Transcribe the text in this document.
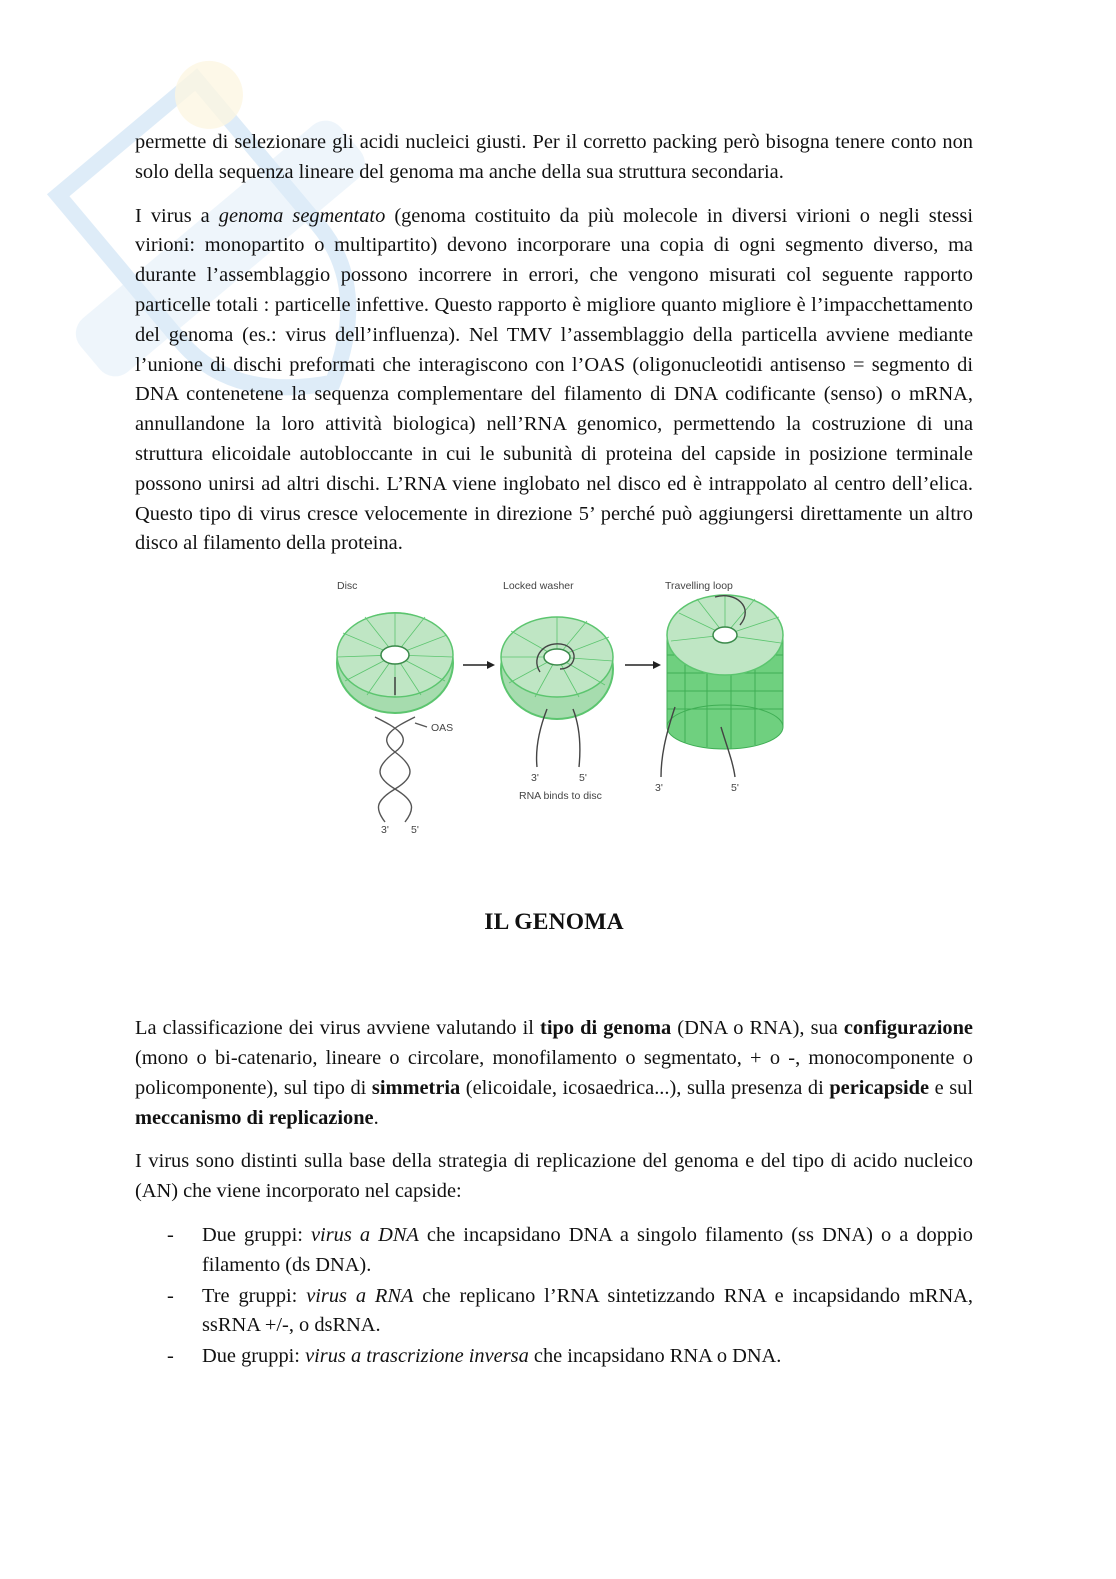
permette di selezionare gli acidi nucleici giusti. Per il corretto packing però bisogna tenere conto non solo della sequenza lineare del genoma ma anche della sua struttura secondaria.

I virus a genoma segmentato (genoma costituito da più molecole in diversi virioni o negli stessi virioni: monopartito o multipartito) devono incorporare una copia di ogni segmento diverso, ma durante l’assemblaggio possono incorrere in errori, che vengono misurati col seguente rapporto particelle totali : particelle infettive. Questo rapporto è migliore quanto migliore è l’impacchettamento del genoma (es.: virus dell’influenza). Nel TMV l’assemblaggio della particella avviene mediante l’unione di dischi preformati che interagiscono con l’OAS (oligonucleotidi antisenso = segmento di DNA contenetene la sequenza complementare del filamento di DNA codificante (senso) o mRNA, annullandone la loro attività biologica) nell’RNA genomico, permettendo la costruzione di una struttura elicoidale autobloccante in cui le subunità di proteina del capside in posizione terminale possono unirsi ad altri dischi. L’RNA viene inglobato nel disco ed è intrappolato al centro dell’elica. Questo tipo di virus cresce velocemente in direzione 5’ perché può aggiungersi direttamente un altro disco al filamento della proteina.

Disc	Locked washer	Travelling loop
OAS
3' 5'
3'	5'
RNA binds to disc
3'	5'
IL GENOMA

La classificazione dei virus avviene valutando il tipo di genoma (DNA o RNA), sua configurazione (mono o bi-catenario, lineare o circolare, monofilamento o segmentato, + o -, monocomponente o policomponente), sul tipo di simmetria (elicoidale, icosaedrica...), sulla presenza di pericapside e sul meccanismo di replicazione.

I virus sono distinti sulla base della strategia di replicazione del genoma e del tipo di acido nucleico (AN) che viene incorporato nel capside:

- Due gruppi: virus a DNA che incapsidano DNA a singolo filamento (ss DNA) o a doppio filamento (ds DNA).
- Tre gruppi: virus a RNA che replicano l’RNA sintetizzando RNA e incapsidando mRNA, ssRNA +/-, o dsRNA.
- Due gruppi: virus a trascrizione inversa che incapsidano RNA o DNA.
